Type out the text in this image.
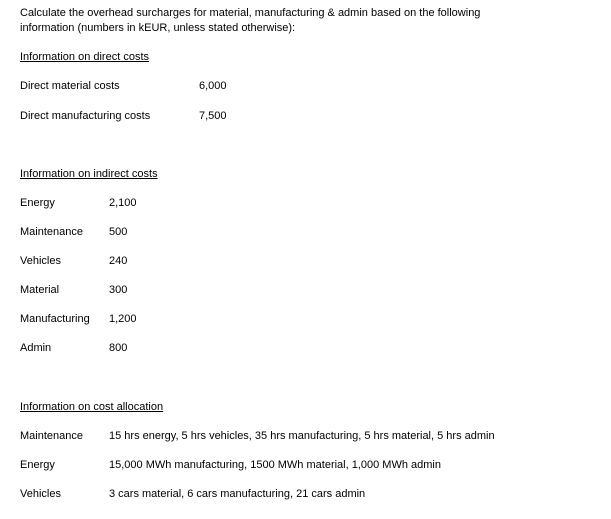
Calculate the overhead surcharges for material, manufacturing & admin based on the following
information (numbers in kEUR, unless stated otherwise):
Information on direct costs
Direct material costs	6,000
Direct manufacturing costs	7,500
Information on indirect costs
Energy	2,100
Maintenance 500
Vehicles	240
Material	300
Manufacturing 1,200
Admin	800
Information on cost allocation
Maintenance 15 hrs energy, 5 hrs vehicles, 35 hrs manufacturing, 5 hrs material, 5 hrs admin
Energy	15,000 MWh manufacturing, 1500 MWh material, 1,000 MWh admin
Vehicles	3 cars material, 6 cars manufacturing, 21 cars admin
